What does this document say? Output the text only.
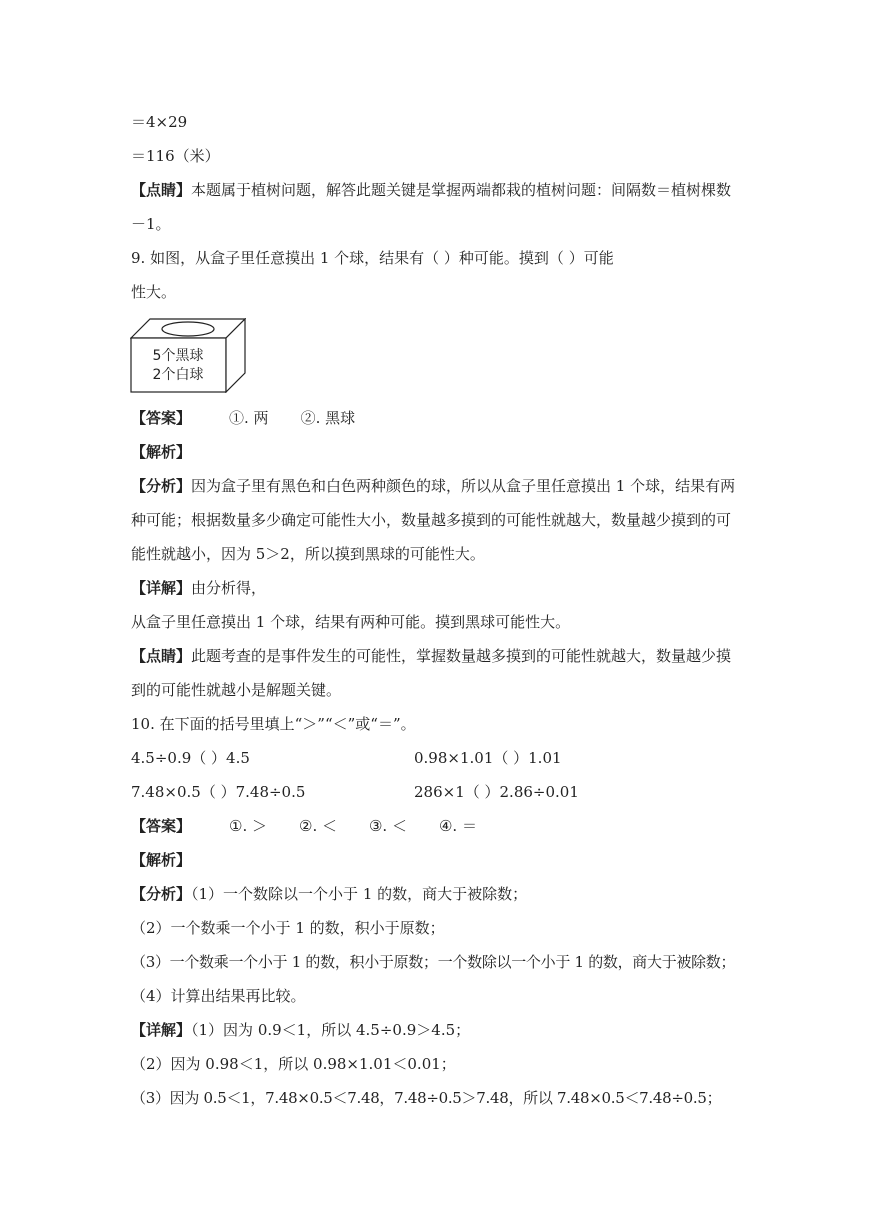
＝4×29
＝116（米）
【点睛】本题属于植树问题，解答此题关键是掌握两端都栽的植树问题：间隔数＝植树棵数
－1。
9. 如图，从盒子里任意摸出 1 个球，结果有（ ）种可能。摸到（ ）可能
性大。
5个黑球
2个白球
【答案】	①. 两 ②. 黑球
【解析】
【分析】因为盒子里有黑色和白色两种颜色的球，所以从盒子里任意摸出 1 个球，结果有两
种可能；根据数量多少确定可能性大小，数量越多摸到的可能性就越大，数量越少摸到的可
能性就越小，因为 5＞2，所以摸到黑球的可能性大。
【详解】由分析得，
从盒子里任意摸出 1 个球，结果有两种可能。摸到黑球可能性大。
【点睛】此题考查的是事件发生的可能性，掌握数量越多摸到的可能性就越大，数量越少摸
到的可能性就越小是解题关键。
10. 在下面的括号里填上“＞”“＜”或“＝”。
4.5÷0.9（ ）4.5	0.98×1.01（ ）1.01
7.48×0.5（ ）7.48÷0.5	286×1（ ）2.86÷0.01
【答案】	①. ＞ ②. ＜ ③. ＜ ④. ＝
【解析】
【分析】（1）一个数除以一个小于 1 的数，商大于被除数；
（2）一个数乘一个小于 1 的数，积小于原数；
（3）一个数乘一个小于 1 的数，积小于原数；一个数除以一个小于 1 的数，商大于被除数；
（4）计算出结果再比较。
【详解】（1）因为 0.9＜1，所以 4.5÷0.9＞4.5；
（2）因为 0.98＜1，所以 0.98×1.01＜0.01；
（3）因为 0.5＜1，7.48×0.5＜7.48，7.48÷0.5＞7.48，所以 7.48×0.5＜7.48÷0.5；
